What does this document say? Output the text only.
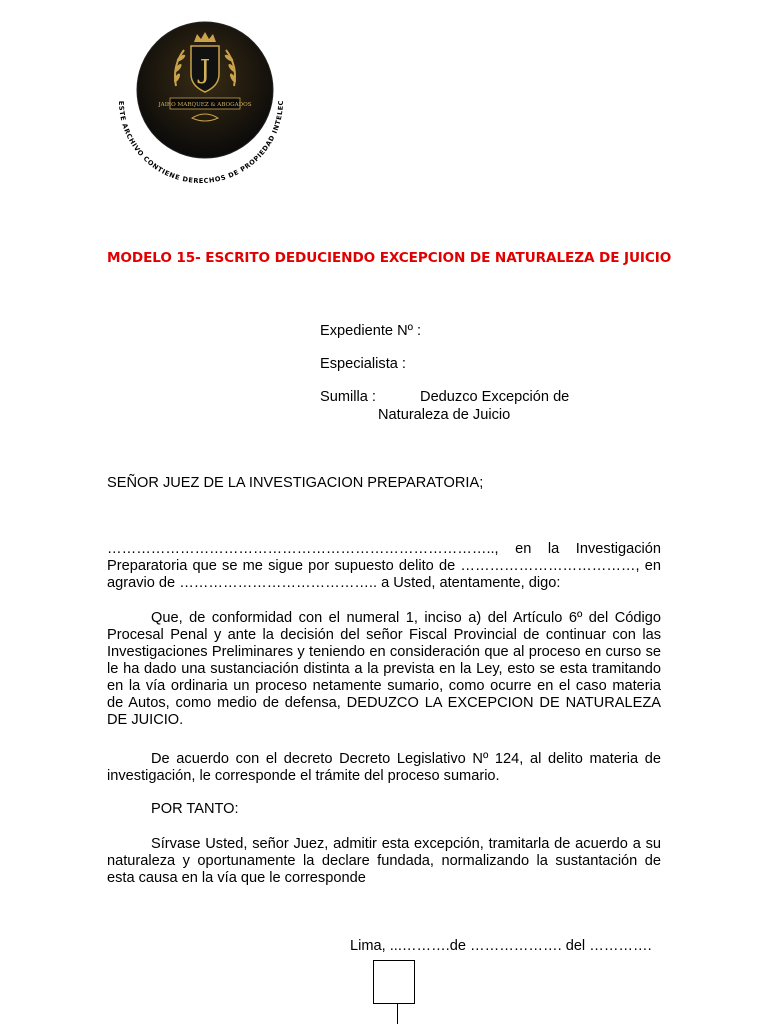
J
JAIRO MARQUEZ & ABOGADOS
ESTE ARCHIVO CONTIENE DERECHOS DE PROPIEDAD INTELEC
MODELO 15- ESCRITO DEDUCIENDO EXCEPCION DE NATURALEZA DE JUICIO
Expediente Nº :
Especialista :
Sumilla :	Deduzco Excepción de
Naturaleza de Juicio
SEÑOR JUEZ DE LA INVESTIGACION PREPARATORIA;
…………………………………………………………………….., en la Investigación Preparatoria que se me sigue por supuesto delito de ………………………………, en agravio de ………………………………….. a Usted, atentamente, digo:
Que, de conformidad con el numeral 1, inciso a) del Artículo 6º del Código Procesal Penal y ante la decisión del señor Fiscal Provincial de continuar con las Investigaciones Preliminares y teniendo en consideración que al proceso en curso se le ha dado una sustanciación distinta a la prevista en la Ley, esto se esta tramitando en la vía ordinaria un proceso netamente sumario, como ocurre en el caso materia de Autos, como medio de defensa, DEDUZCO LA EXCEPCION DE NATURALEZA DE JUICIO.
De acuerdo con el decreto Decreto Legislativo Nº 124, al delito materia de investigación, le corresponde el trámite del proceso sumario.
POR TANTO:
Sírvase Usted, señor Juez, admitir esta excepción, tramitarla de acuerdo a su naturaleza y oportunamente la declare fundada, normalizando la sustantación de esta causa en la vía que le corresponde
Lima, ...……….de ………………. del ………….
